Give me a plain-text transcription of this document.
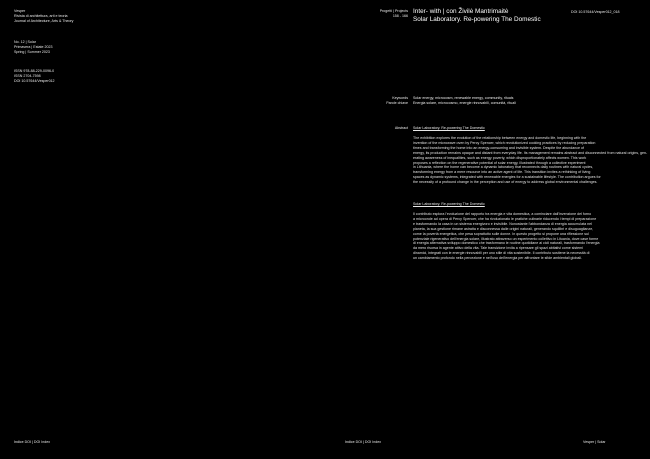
Vesper
Rivista di architettura, arti e teoria
Journal of Architecture, Arts & Theory
No. 12 | Solar
Primavera | Estate 2023
Spring | Summer 2023
ISSN 978-88-229-0096-0
ISSN 2704-7598
DOI 10.57644/Vesper012
Progetti | Projects
158 - 166
Inter- with | con Živilė Mantrimaitė
Solar Laboratory. Re-powering The Domestic
DOI 10.57644/Vesper012_018
Keywords
Parole chiave
Solar energy, microcosm, renewable energy, community, rituals
Energia solare, microcosmo, energie rinnovabili, comunità, rituali
Abstract Solar Laboratory. Re-powering The Domestic
The exhibition explores the evolution of the relationship between energy and domestic life, beginning with the
invention of the microwave oven by Percy Spencer, which revolutionized cooking practices by reducing preparation
times and transforming the home into an energy-consuming and invisible system. Despite the abundance of
energy, its production remains opaque and distant from everyday life. Its management remains abstract and disconnected from natural origins, gen-
erating awareness of inequalities, such as energy poverty, which disproportionately affects women. This work
proposes a reflection on the regenerative potential of solar energy, illustrated through a collective experiment
in Lithuania, where the home can become a dynamic laboratory that reconnects daily routines with natural cycles,
transforming energy from a mere resource into an active agent of life. This transition invites a rethinking of living
spaces as dynamic systems, integrated with renewable energies for a sustainable lifestyle. The contribution argues for
the necessity of a profound change in the perception and use of energy to address global environmental challenges.
Solar Laboratory. Re-powering The Domestic
Il contributo esplora l'evoluzione del rapporto tra energia e vita domestica, a cominciare dall'invenzione del forno
a microonde ad opera di Percy Spencer, che ha rivoluzionato le pratiche culinarie riducendo i tempi di preparazione
e trasformando la casa in un sistema energivoro e invisibile. Nonostante l'abbondanza di energia accumulata nel
pianeta, la sua gestione rimane astratta e disconnessa dalle origini naturali, generando squilibri e disuguaglianze,
come la povertà energetica, che pesa soprattutto sulle donne. In questo progetto si propone una riflessione sul
potenziale rigenerativo dell'energia solare, illustrato attraverso un esperimento collettivo in Lituania, dove case forme
di energia alternativa sviluppo domestico che trasformano le routine quotidiane ai cicli naturali, trasformando l'energia
da mero risorsa in agente attivo della vita. Tale transizione invita a ripensare gli spazi abitativi come sistemi
dinamici, integrati con le energie rinnovabili per uno stile di vita sostenibile. Il contributo sostiene la necessità di
un cambiamento profondo nella percezione e nell'uso dell'energia per affrontare le sfide ambientali globali.
Indice DOI | DOI Index	Indice DOI | DOI Index	Vesper | Solar
